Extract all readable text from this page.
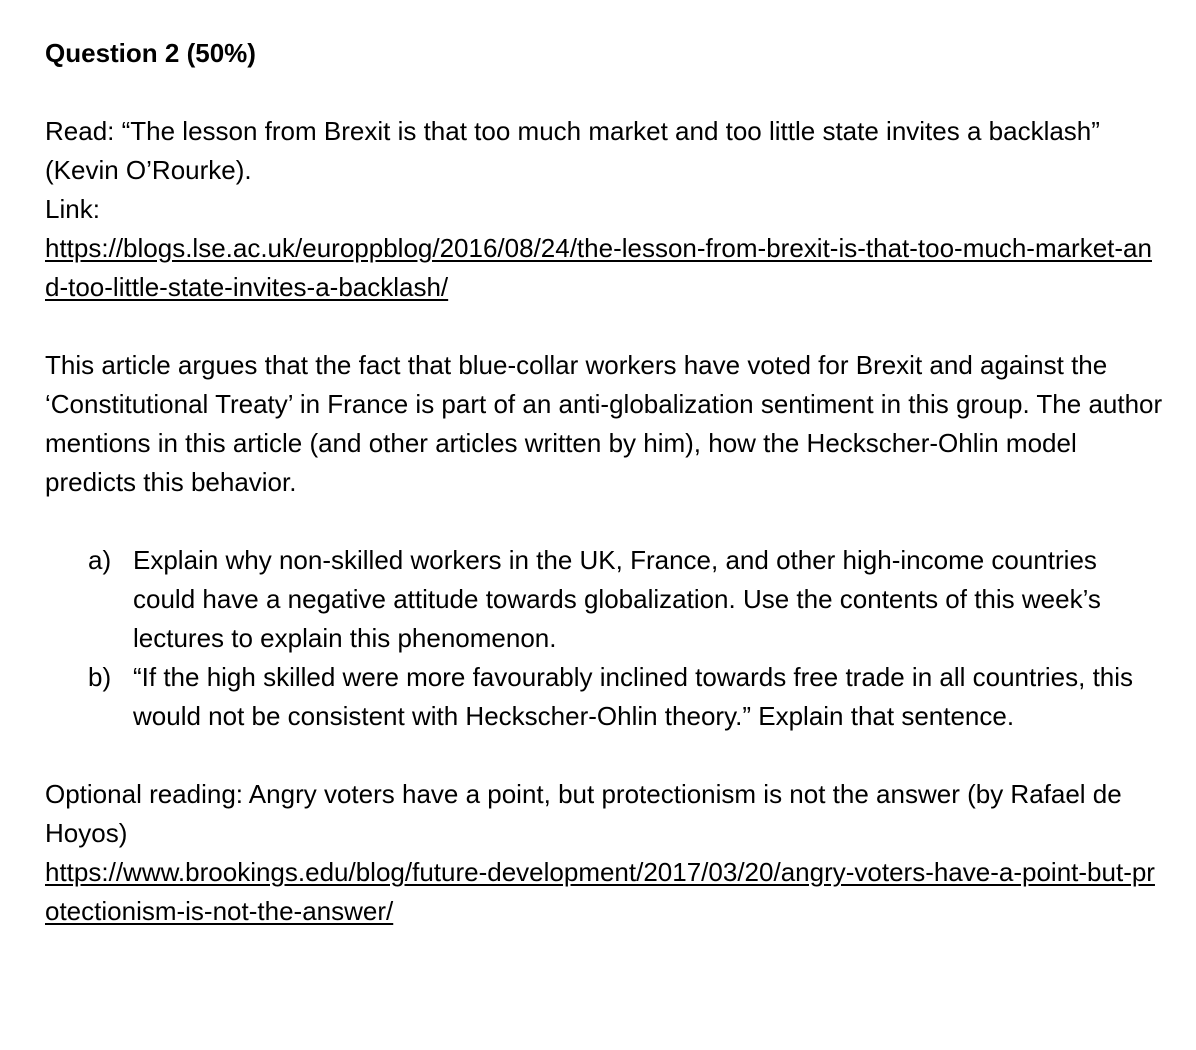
Question 2 (50%)

Read: “The lesson from Brexit is that too much market and too little state invites a backlash” (Kevin O’Rourke).

Link:

https://blogs.lse.ac.uk/europpblog/2016/08/24/the-lesson-from-brexit-is-that-too-much-market-and-too-little-state-invites-a-backlash/

This article argues that the fact that blue-collar workers have voted for Brexit and against the ‘Constitutional Treaty’ in France is part of an anti-globalization sentiment in this group. The author mentions in this article (and other articles written by him), how the Heckscher-Ohlin model predicts this behavior.

a) Explain why non-skilled workers in the UK, France, and other high-income countries could have a negative attitude towards globalization. Use the contents of this week’s lectures to explain this phenomenon.
b) “If the high skilled were more favourably inclined towards free trade in all countries, this would not be consistent with Heckscher-Ohlin theory.” Explain that sentence.

Optional reading: Angry voters have a point, but protectionism is not the answer (by Rafael de Hoyos)

https://www.brookings.edu/blog/future-development/2017/03/20/angry-voters-have-a-point-but-protectionism-is-not-the-answer/
